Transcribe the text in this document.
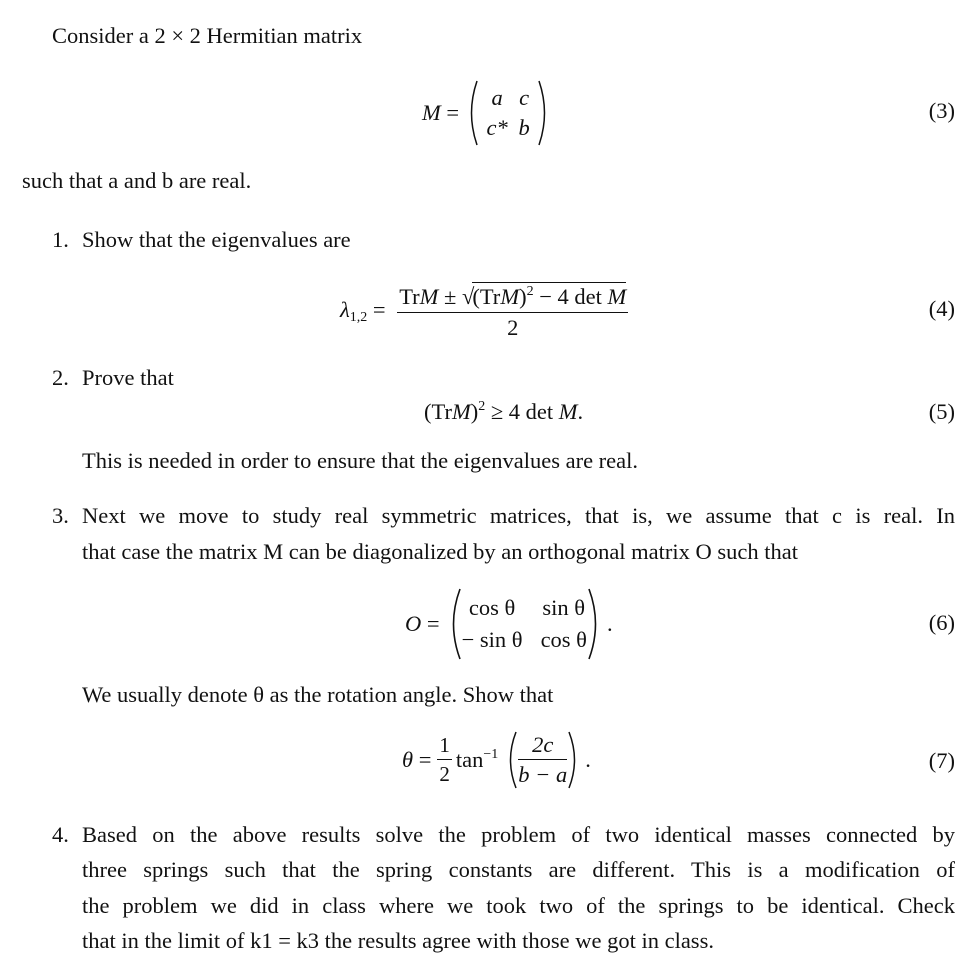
Consider a 2 × 2 Hermitian matrix
M =
a c
c* b
(3)
such that a and b are real.
1. Show that the eigenvalues are
$\lambda_{1,2} = \frac{TrM \pm √(TrM)^2 - 4 \det M}{2}$	(4)
2. Prove that
(TrM)$^2$ ≥ 4 det M.	(5)
This is needed in order to ensure that the eigenvalues are real.
3. Next we move to study real symmetric matrices, that is, we assume that c is real. In
that case the matrix M can be diagonalized by an orthogonal matrix O such that
O =
cos θ	sin θ
− sin θ cos θ
.	(6)
We usually denote θ as the rotation angle. Show that
$\theta = \frac{1}{2} \tan^{-1} \frac{2c}{b - a}$ .	(7)
4. Based on the above results solve the problem of two identical masses connected by
three springs such that the spring constants are different. This is a modification of
the problem we did in class where we took two of the springs to be identical. Check
that in the limit of k1 = k3 the results agree with those we got in class.
